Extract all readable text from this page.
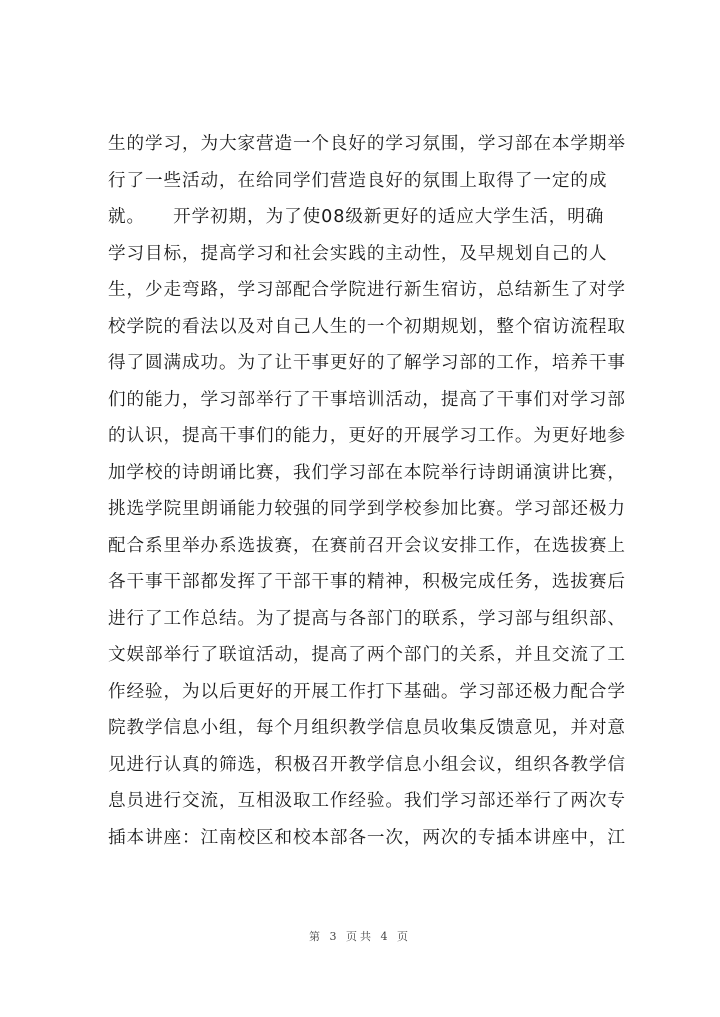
生的学习，为大家营造一个良好的学习氛围，学习部在本学期举
行了一些活动，在给同学们营造良好的氛围上取得了一定的成
就。　　开学初期，为了使08级新更好的适应大学生活，明确
学习目标，提高学习和社会实践的主动性，及早规划自己的人
生，少走弯路，学习部配合学院进行新生宿访，总结新生了对学
校学院的看法以及对自己人生的一个初期规划，整个宿访流程取
得了圆满成功。为了让干事更好的了解学习部的工作，培养干事
们的能力，学习部举行了干事培训活动，提高了干事们对学习部
的认识，提高干事们的能力，更好的开展学习工作。为更好地参
加学校的诗朗诵比赛，我们学习部在本院举行诗朗诵演讲比赛，
挑选学院里朗诵能力较强的同学到学校参加比赛。学习部还极力
配合系里举办系选拔赛，在赛前召开会议安排工作，在选拔赛上
各干事干部都发挥了干部干事的精神，积极完成任务，选拔赛后
进行了工作总结。为了提高与各部门的联系，学习部与组织部、
文娱部举行了联谊活动，提高了两个部门的关系，并且交流了工
作经验，为以后更好的开展工作打下基础。学习部还极力配合学
院教学信息小组，每个月组织教学信息员收集反馈意见，并对意
见进行认真的筛选，积极召开教学信息小组会议，组织各教学信
息员进行交流，互相汲取工作经验。我们学习部还举行了两次专
插本讲座：江南校区和校本部各一次，两次的专插本讲座中，江
第 3 页共 4 页
